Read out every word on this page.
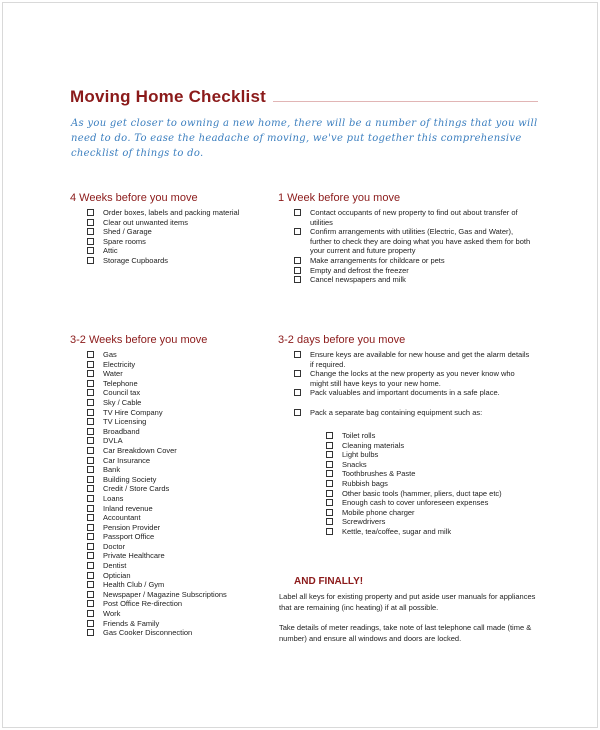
Moving Home Checklist
As you get closer to owning a new home, there will be a number of things that you will need to do. To ease the headache of moving, we've put together this comprehensive checklist of things to do.
4 Weeks before you move
Order boxes, labels and packing material
Clear out unwanted items
Shed / Garage
Spare rooms
Attic
Storage Cupboards
1 Week before you move
Contact occupants of new property to find out about transfer of utilities
Confirm arrangements with utilities (Electric, Gas and Water), further to check they are doing what you have asked them for both your current and future property
Make arrangements for childcare or pets
Empty and defrost the freezer
Cancel newspapers and milk
3-2 Weeks before you move
Gas
Electricity
Water
Telephone
Council tax
Sky / Cable
TV Hire Company
TV Licensing
Broadband
DVLA
Car Breakdown Cover
Car Insurance
Bank
Building Society
Credit / Store Cards
Loans
Inland revenue
Accountant
Pension Provider
Passport Office
Doctor
Private Healthcare
Dentist
Optician
Health Club / Gym
Newspaper / Magazine Subscriptions
Post Office Re-direction
Work
Friends & Family
Gas Cooker Disconnection
3-2 days before you move
Ensure keys are available for new house and get the alarm details if required.
Change the locks at the new property as you never know who might still have keys to your new home.
Pack valuables and important documents in a safe place.
Pack a separate bag containing equipment such as:
Toilet rolls
Cleaning materials
Light bulbs
Snacks
Toothbrushes & Paste
Rubbish bags
Other basic tools (hammer, pliers, duct tape etc)
Enough cash to cover unforeseen expenses
Mobile phone charger
Screwdrivers
Kettle, tea/coffee, sugar and milk
AND FINALLY!
Label all keys for existing property and put aside user manuals for appliances that are remaining (inc heating) if at all possible.
Take details of meter readings, take note of last telephone call made (time & number) and ensure all windows and doors are locked.
